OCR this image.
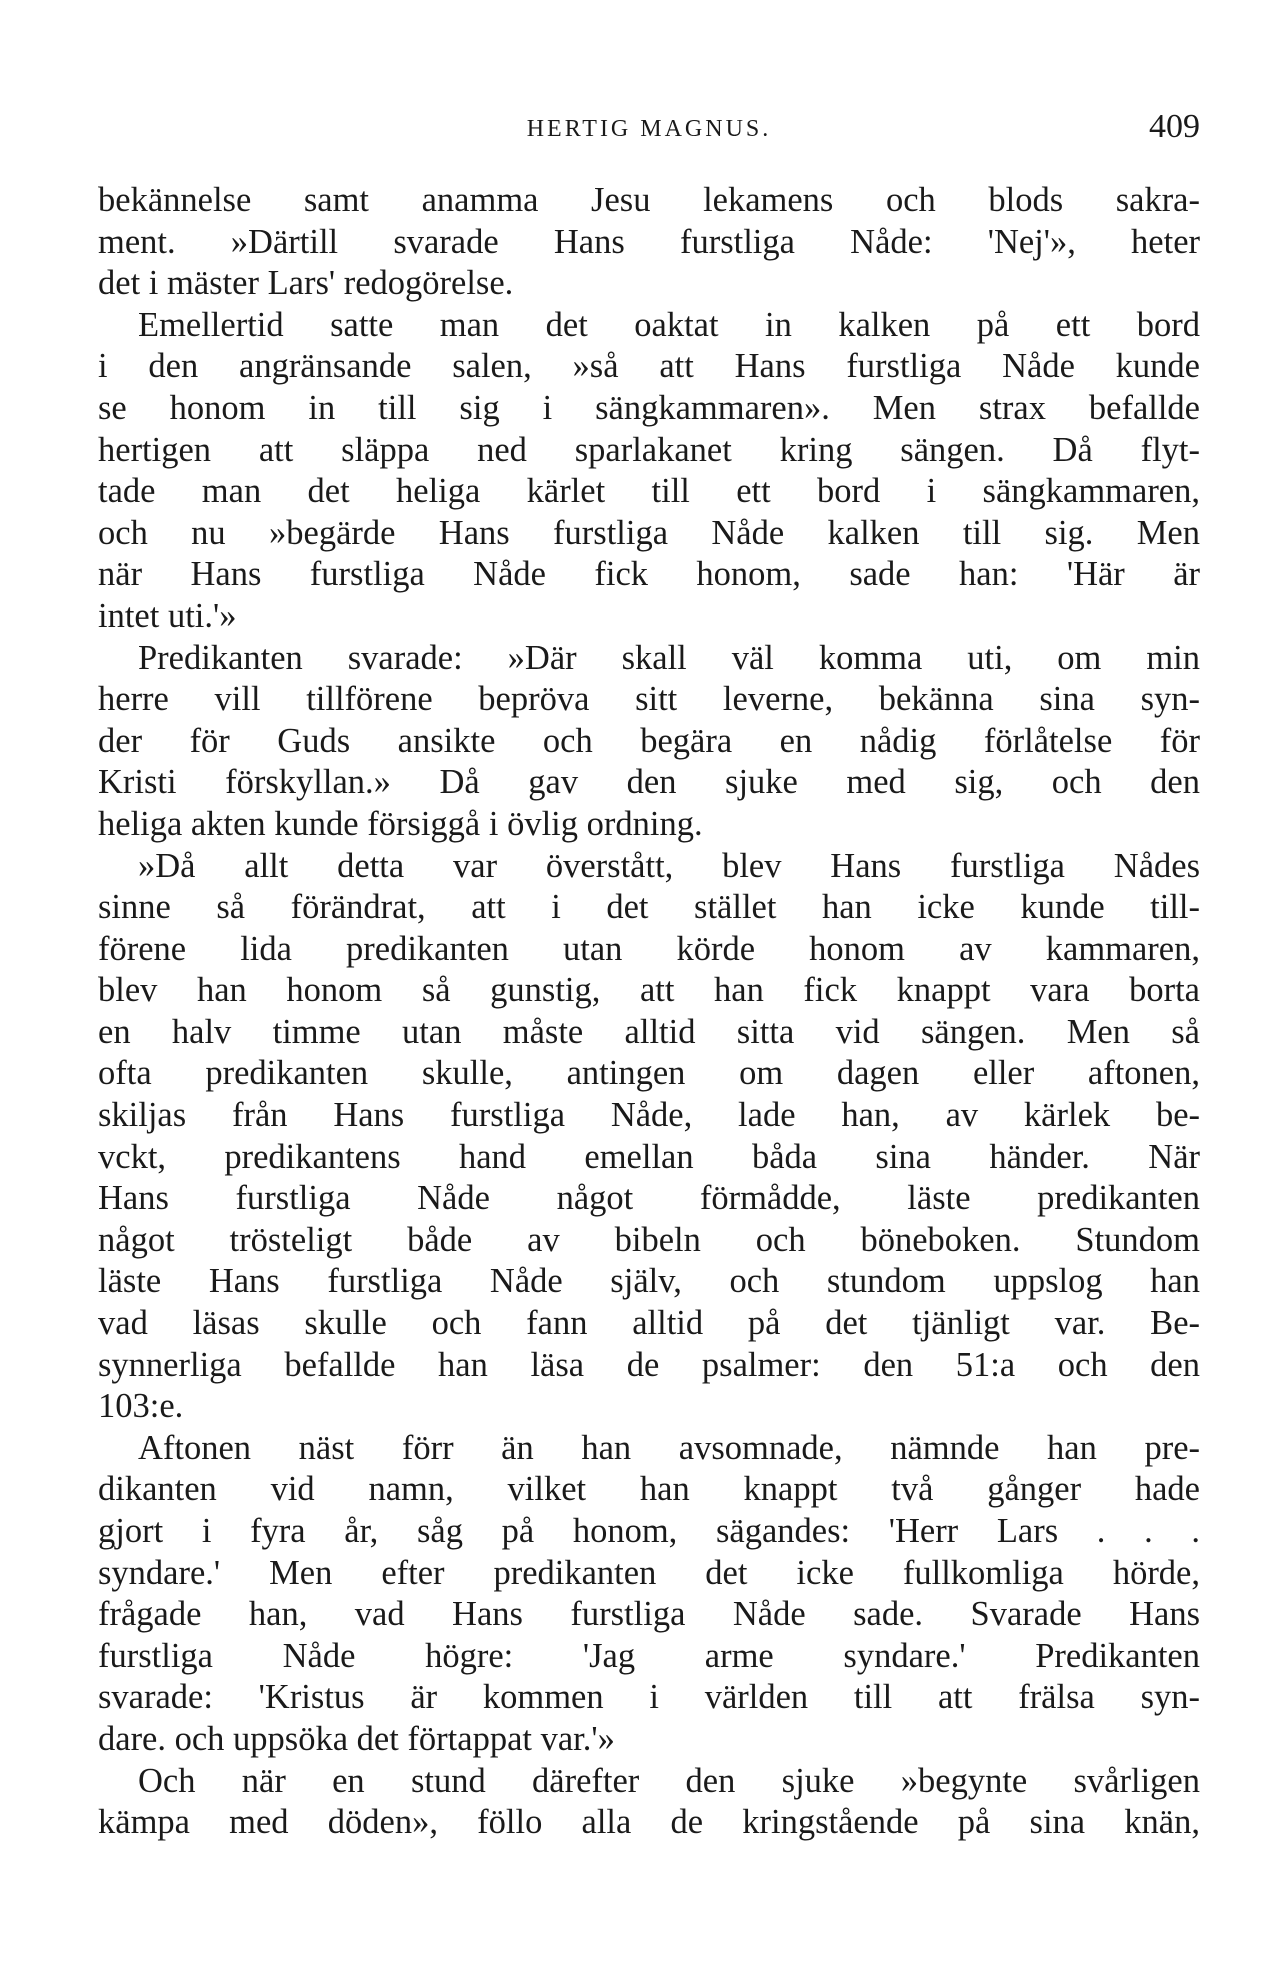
HERTIG MAGNUS.	409
bekännelse samt anamma Jesu lekamens och blods sakra-
ment. »Därtill svarade Hans furstliga Nåde: 'Nej'», heter
det i mäster Lars' redogörelse.
Emellertid satte man det oaktat in kalken på ett bord
i den angränsande salen, »så att Hans furstliga Nåde kunde
se honom in till sig i sängkammaren». Men strax befallde
hertigen att släppa ned sparlakanet kring sängen. Då flyt-
tade man det heliga kärlet till ett bord i sängkammaren,
och nu »begärde Hans furstliga Nåde kalken till sig. Men
när Hans furstliga Nåde fick honom, sade han: 'Här är
intet uti.'»
Predikanten svarade: »Där skall väl komma uti, om min
herre vill tillförene bepröva sitt leverne, bekänna sina syn-
der för Guds ansikte och begära en nådig förlåtelse för
Kristi förskyllan.» Då gav den sjuke med sig, och den
heliga akten kunde försiggå i övlig ordning.
»Då allt detta var överstått, blev Hans furstliga Nådes
sinne så förändrat, att i det stället han icke kunde till-
förene lida predikanten utan körde honom av kammaren,
blev han honom så gunstig, att han fick knappt vara borta
en halv timme utan måste alltid sitta vid sängen. Men så
ofta predikanten skulle, antingen om dagen eller aftonen,
skiljas från Hans furstliga Nåde, lade han, av kärlek be-
vckt, predikantens hand emellan båda sina händer. När
Hans furstliga Nåde något förmådde, läste predikanten
något trösteligt både av bibeln och böneboken. Stundom
läste Hans furstliga Nåde själv, och stundom uppslog han
vad läsas skulle och fann alltid på det tjänligt var. Be-
synnerliga befallde han läsa de psalmer: den 51:a och den
103:e.
Aftonen näst förr än han avsomnade, nämnde han pre-
dikanten vid namn, vilket han knappt två gånger hade
gjort i fyra år, såg på honom, sägandes: 'Herr Lars . . .
syndare.' Men efter predikanten det icke fullkomliga hörde,
frågade han, vad Hans furstliga Nåde sade. Svarade Hans
furstliga Nåde högre: 'Jag arme syndare.' Predikanten
svarade: 'Kristus är kommen i världen till att frälsa syn-
dare. och uppsöka det förtappat var.'»
Och när en stund därefter den sjuke »begynte svårligen
kämpa med döden», föllo alla de kringstående på sina knän,
